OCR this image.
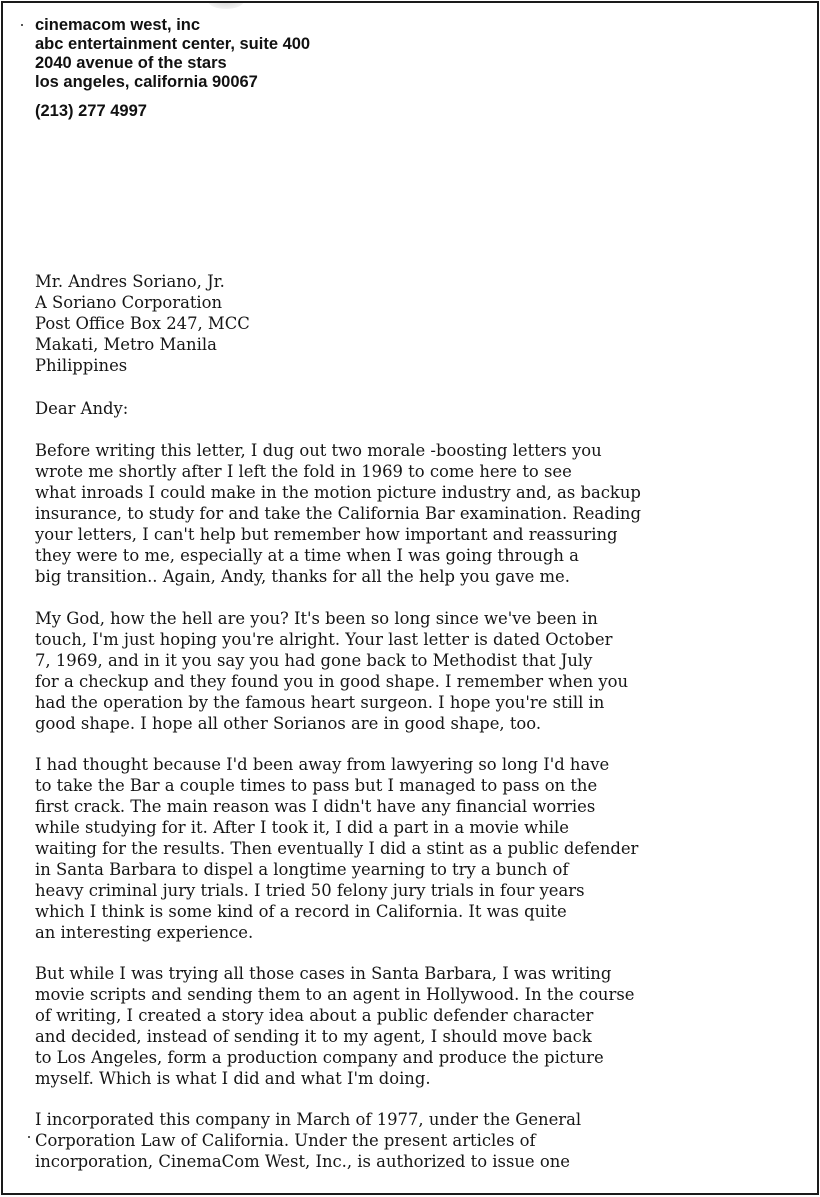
cinemacom west, inc
abc entertainment center, suite 400
2040 avenue of the stars
los angeles, california 90067
(213) 277 4997
Mr. Andres Soriano, Jr.
A Soriano Corporation
Post Office Box 247, MCC
Makati, Metro Manila
Philippines
Dear Andy:
Before writing this letter, I dug out two morale -boosting letters you
wrote me shortly after I left the fold in 1969 to come here to see
what inroads I could make in the motion picture industry and, as backup
insurance, to study for and take the California Bar examination. Reading
your letters, I can't help but remember how important and reassuring
they were to me, especially at a time when I was going through a
big transition.. Again, Andy, thanks for all the help you gave me.
My God, how the hell are you? It's been so long since we've been in
touch, I'm just hoping you're alright. Your last letter is dated October
7, 1969, and in it you say you had gone back to Methodist that July
for a checkup and they found you in good shape. I remember when you
had the operation by the famous heart surgeon. I hope you're still in
good shape. I hope all other Sorianos are in good shape, too.
I had thought because I'd been away from lawyering so long I'd have
to take the Bar a couple times to pass but I managed to pass on the
first crack. The main reason was I didn't have any financial worries
while studying for it. After I took it, I did a part in a movie while
waiting for the results. Then eventually I did a stint as a public defender
in Santa Barbara to dispel a longtime yearning to try a bunch of
heavy criminal jury trials. I tried 50 felony jury trials in four years
which I think is some kind of a record in California. It was quite
an interesting experience.
But while I was trying all those cases in Santa Barbara, I was writing
movie scripts and sending them to an agent in Hollywood. In the course
of writing, I created a story idea about a public defender character
and decided, instead of sending it to my agent, I should move back
to Los Angeles, form a production company and produce the picture
myself. Which is what I did and what I'm doing.
I incorporated this company in March of 1977, under the General
Corporation Law of California. Under the present articles of
incorporation, CinemaCom West, Inc., is authorized to issue one
